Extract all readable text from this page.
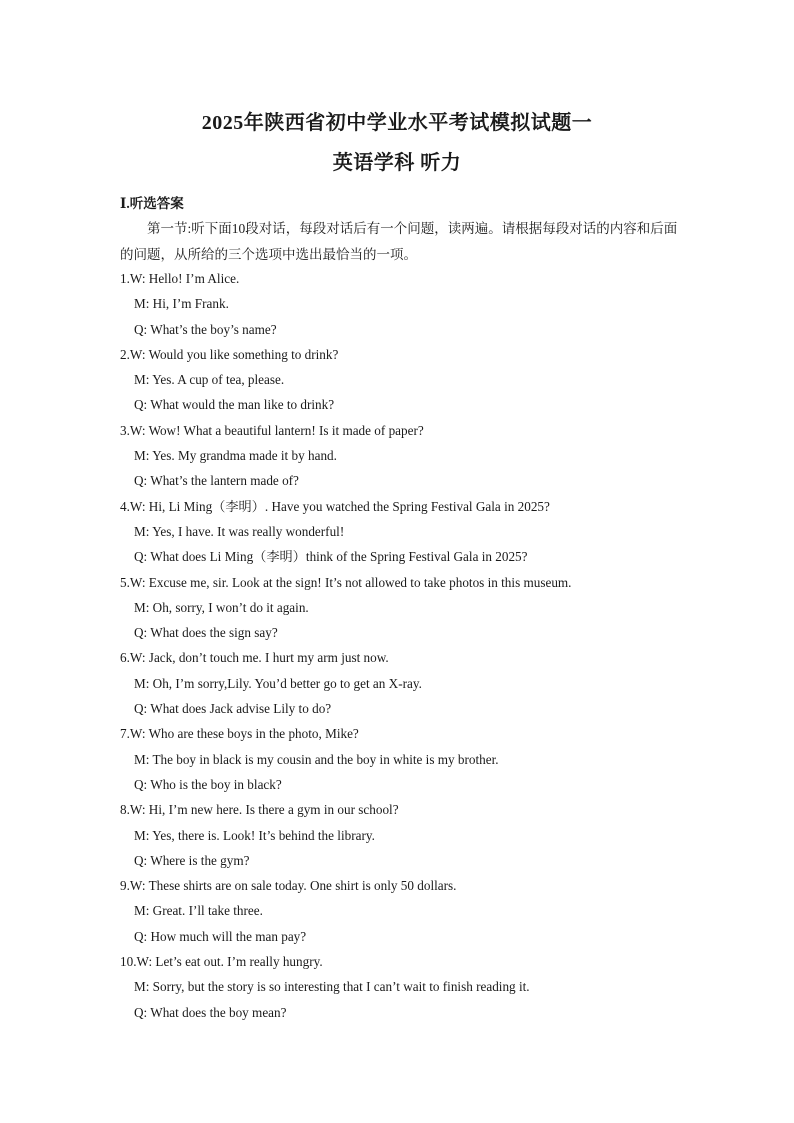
2025年陕西省初中学业水平考试模拟试题一
英语学科 听力
Ⅰ.听选答案
第一节:听下面10段对话，每段对话后有一个问题，读两遍。请根据每段对话的内容和后面的问题，从所给的三个选项中选出最恰当的一项。
1.W: Hello! I’m Alice.
M: Hi, I’m Frank.
Q: What’s the boy’s name?
2.W: Would you like something to drink?
M: Yes. A cup of tea, please.
Q: What would the man like to drink?
3.W: Wow! What a beautiful lantern! Is it made of paper?
M: Yes. My grandma made it by hand.
Q: What’s the lantern made of?
4.W: Hi, Li Ming（李明）. Have you watched the Spring Festival Gala in 2025?
M: Yes, I have. It was really wonderful!
Q: What does Li Ming（李明）think of the Spring Festival Gala in 2025?
5.W: Excuse me, sir. Look at the sign! It’s not allowed to take photos in this museum.
M: Oh, sorry, I won’t do it again.
Q: What does the sign say?
6.W: Jack, don’t touch me. I hurt my arm just now.
M: Oh, I’m sorry,Lily. You’d better go to get an X-ray.
Q: What does Jack advise Lily to do?
7.W: Who are these boys in the photo, Mike?
M: The boy in black is my cousin and the boy in white is my brother.
Q: Who is the boy in black?
8.W: Hi, I’m new here. Is there a gym in our school?
M: Yes, there is. Look! It’s behind the library.
Q: Where is the gym?
9.W: These shirts are on sale today. One shirt is only 50 dollars.
M: Great. I’ll take three.
Q: How much will the man pay?
10.W: Let’s eat out. I’m really hungry.
M: Sorry, but the story is so interesting that I can’t wait to finish reading it.
Q: What does the boy mean?
